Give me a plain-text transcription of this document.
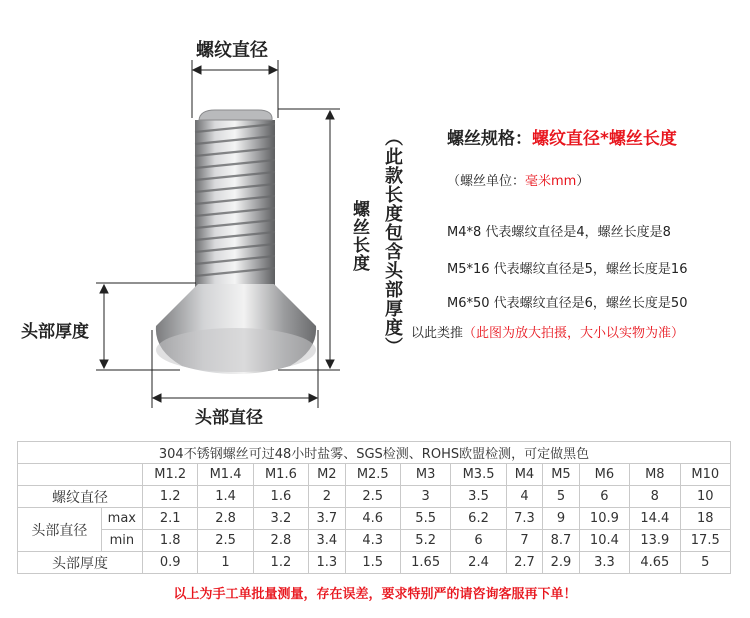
螺纹直径
螺丝长度 （此款长度包含头部厚度）
头部厚度
头部直径
螺丝规格：螺纹直径*螺丝长度
（螺丝单位：毫米mm）
M4*8 代表螺纹直径是4，螺丝长度是8
M5*16 代表螺纹直径是5，螺丝长度是16
M6*50 代表螺纹直径是6，螺丝长度是50
以此类推（此图为放大拍摄，大小以实物为准）
304不锈钢螺丝可过48小时盐雾、SGS检测、ROHS欧盟检测，可定做黑色													
		M1.2	M1.4	M1.6	M2	M2.5	M3	M3.5	M4	M5	M6	M8	M10
螺纹直径		1.2	1.4	1.6	2	2.5	3	3.5	4	5	6	8	10
头部直径	max	2.1	2.8	3.2	3.7	4.6	5.5	6.2	7.3	9	10.9	14.4	18
	min	1.8	2.5	2.8	3.4	4.3	5.2	6	7	8.7	10.4	13.9	17.5
头部厚度		0.9	1	1.2	1.3	1.5	1.65	2.4	2.7	2.9	3.3	4.65	5
以上为手工单批量测量，存在误差，要求特别严的请咨询客服再下单！
